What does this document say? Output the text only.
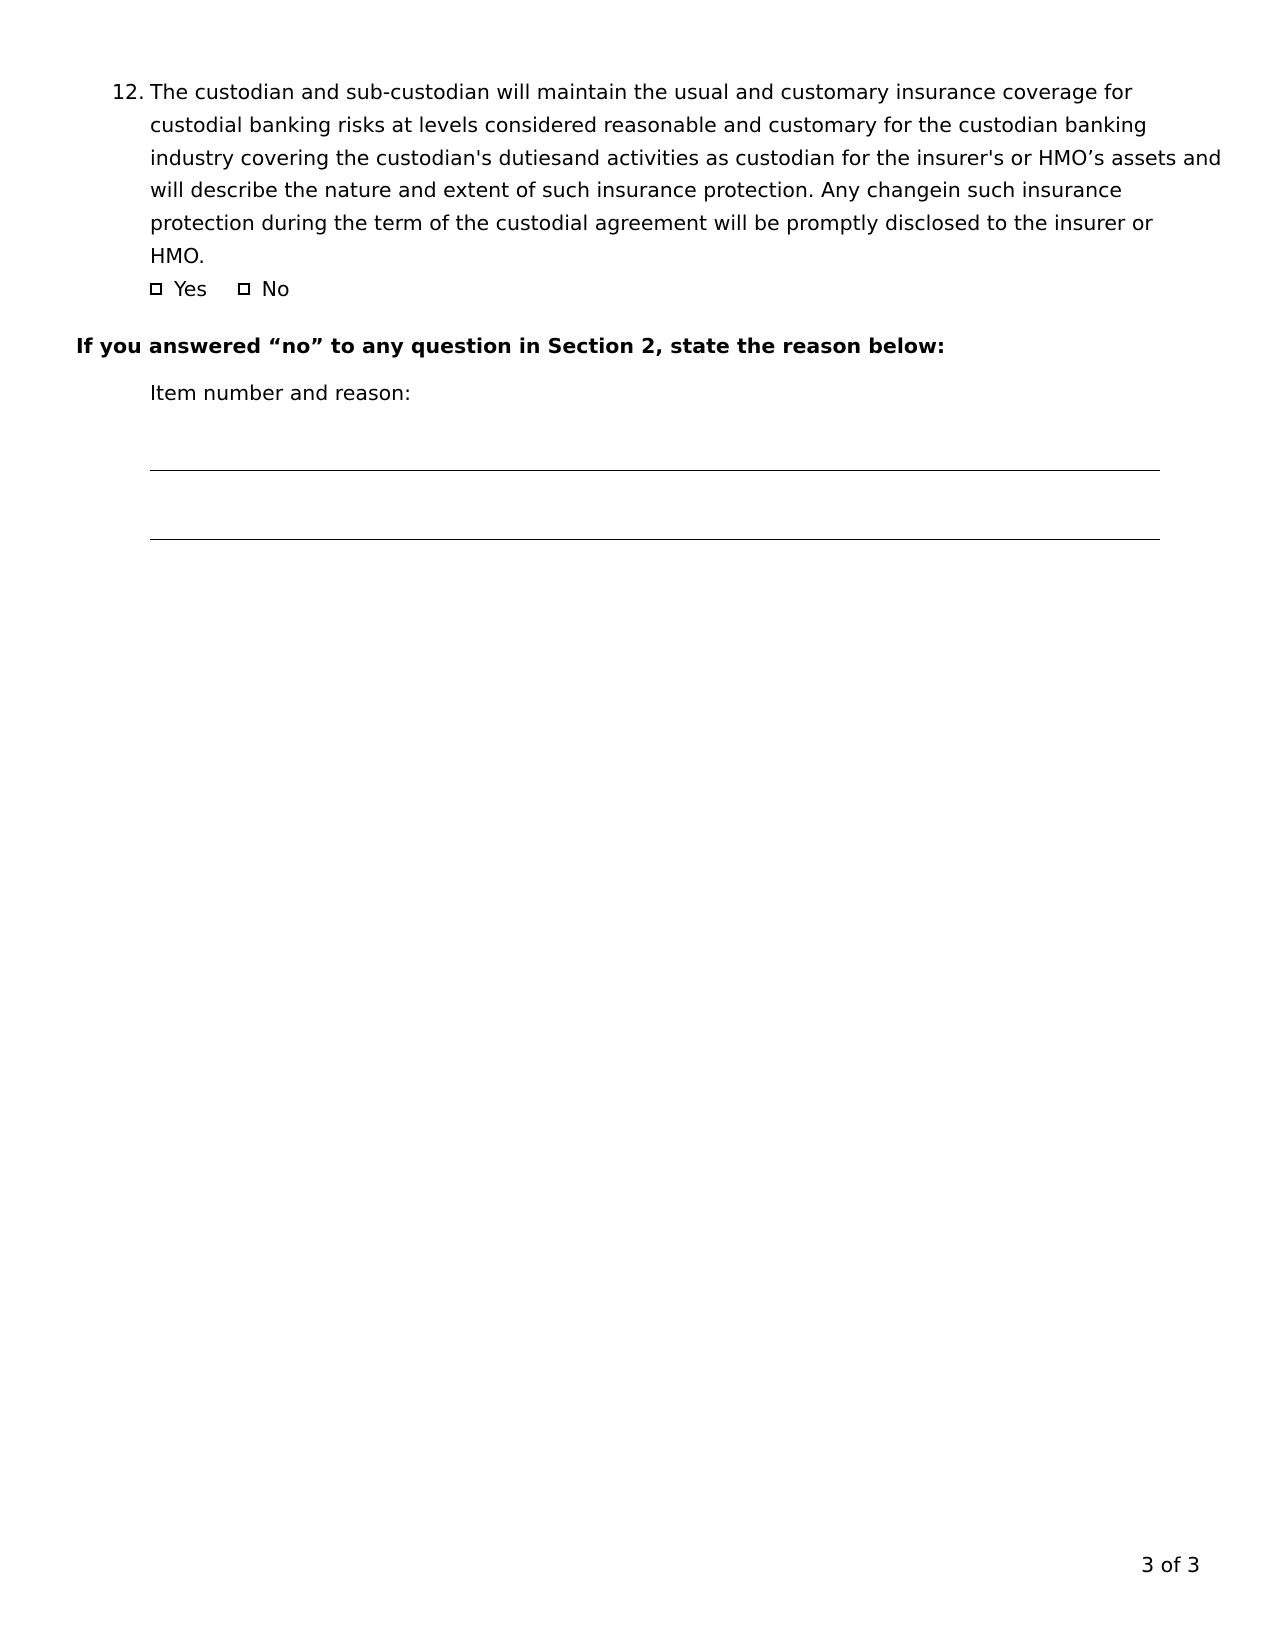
12. The custodian and sub-custodian will maintain the usual and customary insurance coverage for
custodial banking risks at levels considered reasonable and customary for the custodian banking
industry covering the custodian's dutiesand activities as custodian for the insurer's or HMO’s assets and
will describe the nature and extent of such insurance protection. Any changein such insurance
protection during the term of the custodial agreement will be promptly disclosed to the insurer or
HMO.
Yes	No
If you answered “no” to any question in Section 2, state the reason below:
Item number and reason:
3 of 3
